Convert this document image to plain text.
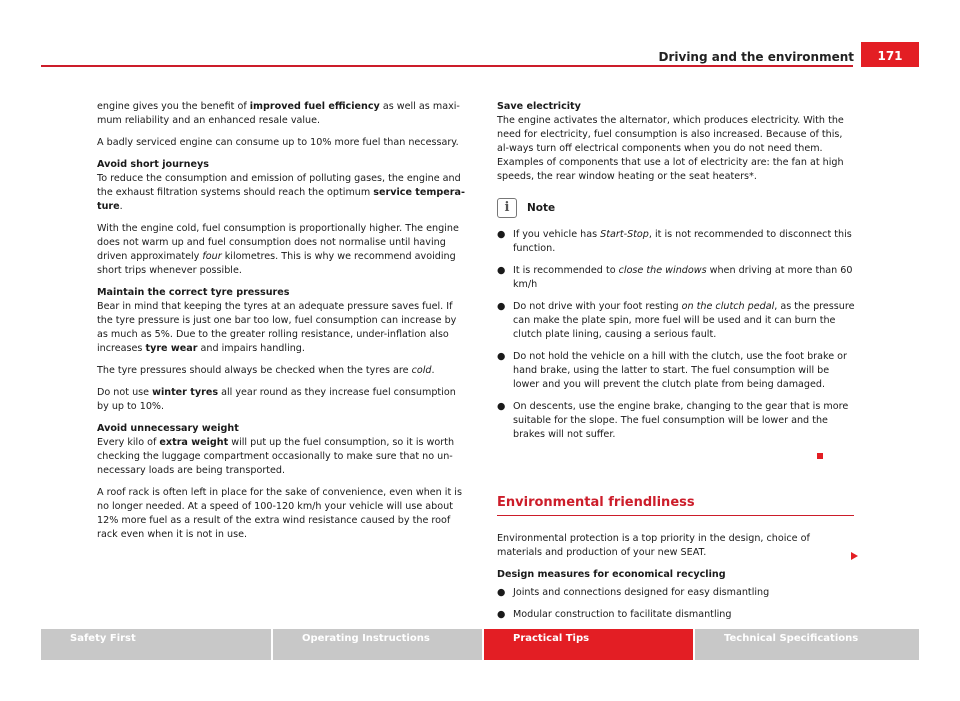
Driving and the environment	171

engine gives you the benefit of improved fuel efficiency as well as maxi-mum reliability and an enhanced resale value.

A badly serviced engine can consume up to 10% more fuel than necessary.

Avoid short journeys

To reduce the consumption and emission of polluting gases, the engine and the exhaust filtration systems should reach the optimum service tempera-ture.

With the engine cold, fuel consumption is proportionally higher. The engine does not warm up and fuel consumption does not normalise until having driven approximately four kilometres. This is why we recommend avoiding short trips whenever possible.

Maintain the correct tyre pressures

Bear in mind that keeping the tyres at an adequate pressure saves fuel. If the tyre pressure is just one bar too low, fuel consumption can increase by as much as 5%. Due to the greater rolling resistance, under-inflation also increases tyre wear and impairs handling.

The tyre pressures should always be checked when the tyres are cold.

Do not use winter tyres all year round as they increase fuel consumption by up to 10%.

Avoid unnecessary weight

Every kilo of extra weight will put up the fuel consumption, so it is worth checking the luggage compartment occasionally to make sure that no un-necessary loads are being transported.

A roof rack is often left in place for the sake of convenience, even when it is no longer needed. At a speed of 100-120 km/h your vehicle will use about 12% more fuel as a result of the extra wind resistance caused by the roof rack even when it is not in use.

Save electricity

The engine activates the alternator, which produces electricity. With the need for electricity, fuel consumption is also increased. Because of this, al-ways turn off electrical components when you do not need them. Examples of components that use a lot of electricity are: the fan at high speeds, the rear window heating or the seat heaters*.

i	Note
● If you vehicle has Start-Stop, it is not recommended to disconnect this function.
● It is recommended to close the windows when driving at more than 60 km/h
● Do not drive with your foot resting on the clutch pedal, as the pressure can make the plate spin, more fuel will be used and it can burn the clutch plate lining, causing a serious fault.
● Do not hold the vehicle on a hill with the clutch, use the foot brake or hand brake, using the latter to start. The fuel consumption will be lower and you will prevent the clutch plate from being damaged.
● On descents, use the engine brake, changing to the gear that is more suitable for the slope. The fuel consumption will be lower and the brakes will not suffer.
Environmental friendliness

Environmental protection is a top priority in the design, choice of materials and production of your new SEAT.

Design measures for economical recycling
● Joints and connections designed for easy dismantling
● Modular construction to facilitate dismantling
Safety First	Operating Instructions	Practical Tips	Technical Specifications
